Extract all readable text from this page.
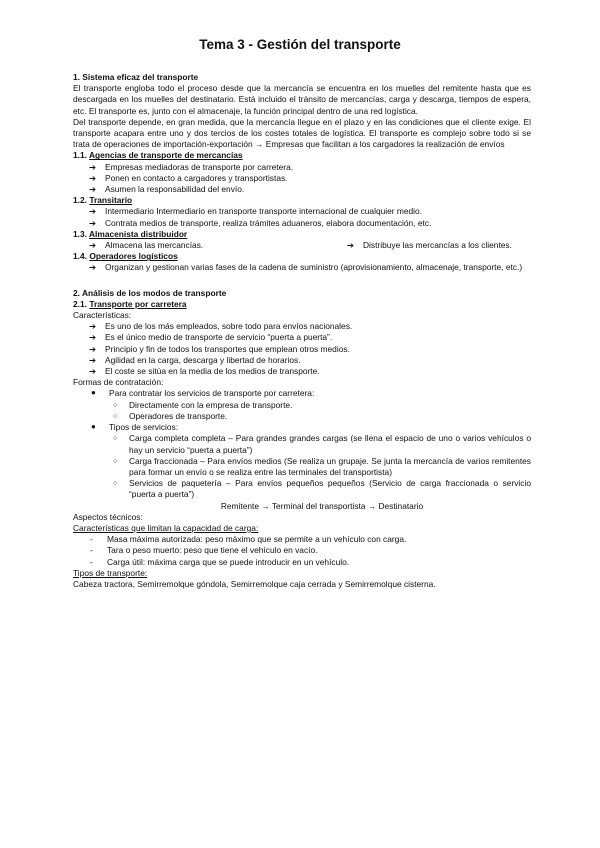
Tema 3 - Gestión del transporte

1. Sistema eficaz del transporte

El transporte engloba todo el proceso desde que la mercancía se encuentra en los muelles del remitente hasta que es descargada en los muelles del destinatario. Está incluido el tránsito de mercancías, carga y descarga, tiempos de espera, etc. El transporte es, junto con el almacenaje, la función principal dentro de una red logística.

Del transporte depende, en gran medida, que la mercancía llegue en el plazo y en las condiciones que el cliente exige. El transporte acapara entre uno y dos tercios de los costes totales de logística. El transporte es complejo sobre todo si se trata de operaciones de importación-exportación → Empresas que facilitan a los cargadores la realización de envíos

1.1. Agencias de transporte de mercancías

➔ Empresas mediadoras de transporte por carretera.
➔ Ponen en contacto a cargadores y transportistas.
➔ Asumen la responsabilidad del envío.

1.2. Transitario

➔ Intermediario Intermediario en transporte transporte internacional de cualquier medio.
➔ Contrata medios de transporte, realiza trámites aduaneros, elabora documentación, etc.

1.3. Almacenista distribuidor

➔ Almacena las mercancías.	➔ Distribuye las mercancías a los clientes.

1.4. Operadores logísticos

➔ Organizan y gestionan varias fases de la cadena de suministro (aprovisionamiento, almacenaje, transporte, etc.)

2. Análisis de los modos de transporte

2.1. Transporte por carretera

Características:

➔ Es uno de los más empleados, sobre todo para envíos nacionales.
➔ Es el único medio de transporte de servicio “puerta a puerta”.
➔ Principio y fin de todos los transportes que emplean otros medios.
➔ Agilidad en la carga, descarga y libertad de horarios.
➔ El coste se sitúa en la media de los medios de transporte.

Formas de contratación:

● Para contratar los servicios de transporte por carretera:
○ Directamente con la empresa de transporte.
○ Operadores de transporte.
● Tipos de servicios:
○ Carga completa completa – Para grandes grandes cargas (se llena el espacio de uno o varios vehículos o hay un servicio “puerta a puerta”)
○ Carga fraccionada – Para envíos medios (Se realiza un grupaje. Se junta la mercancía de varios remitentes para formar un envío o se realiza entre las terminales del transportista)
○ Servicios de paquetería – Para envíos pequeños pequeños (Servicio de carga fraccionada o servicio “puerta a puerta”)

Remitente → Terminal del transportista → Destinatario

Aspectos técnicos:

Características que limitan la capacidad de carga:

- Masa máxima autorizada: peso máximo que se permite a un vehículo con carga.
- Tara o peso muerto: peso que tiene el vehículo en vacío.
- Carga útil: máxima carga que se puede introducir en un vehículo.

Tipos de transporte:

Cabeza tractora, Semirremolque góndola, Semirremolque caja cerrada y Semirremolque cisterna.
